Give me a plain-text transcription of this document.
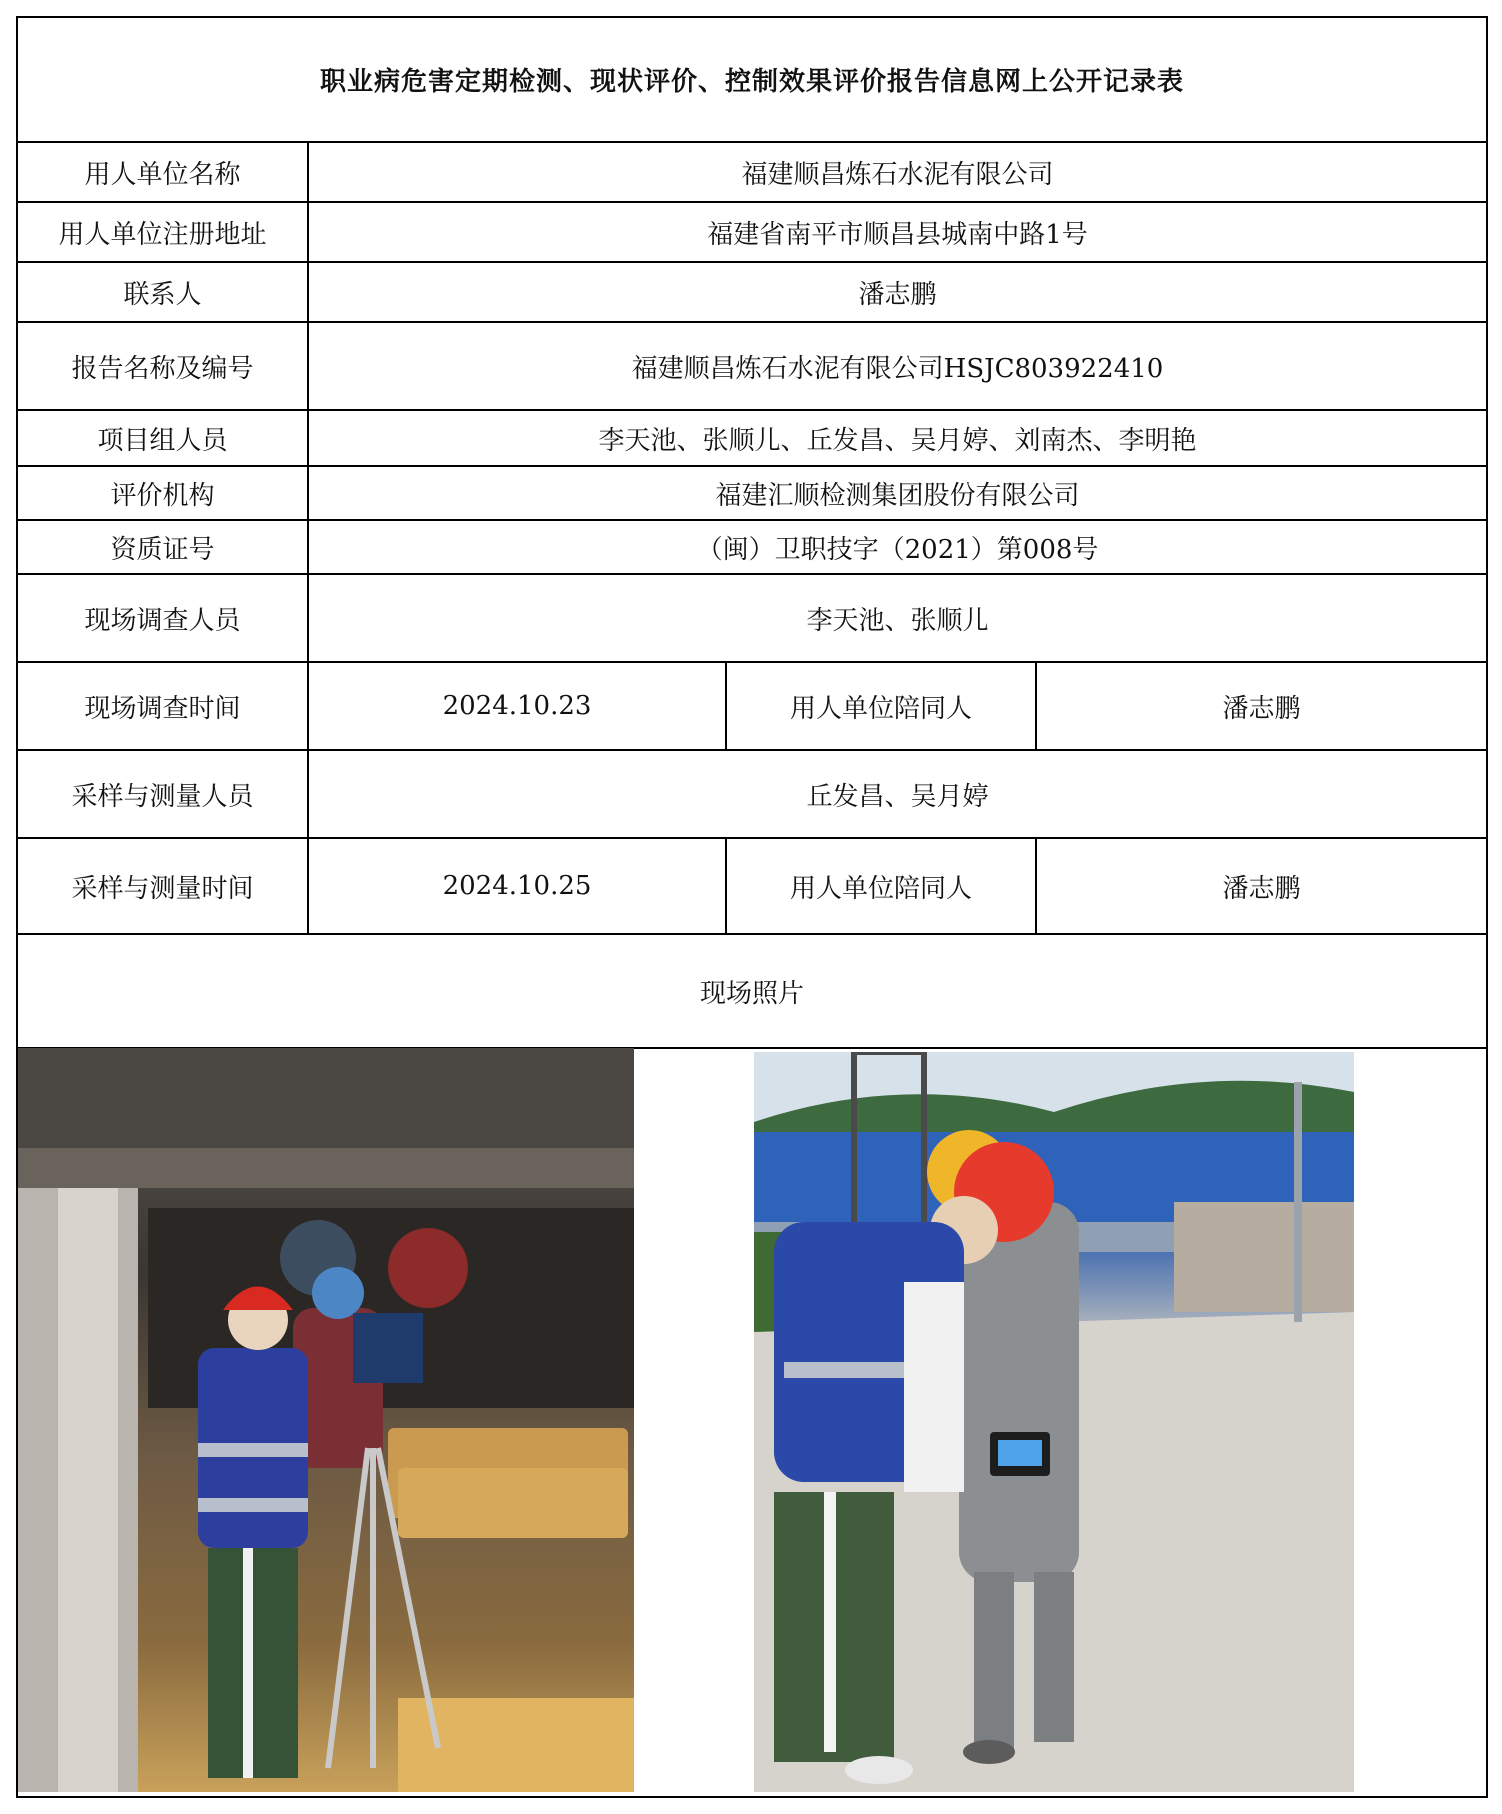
职业病危害定期检测、现状评价、控制效果评价报告信息网上公开记录表			
用人单位名称	福建顺昌炼石水泥有限公司		
用人单位注册地址	福建省南平市顺昌县城南中路1号		
联系人	潘志鹏		
报告名称及编号	福建顺昌炼石水泥有限公司HSJC803922410		
项目组人员	李天池、张顺儿、丘发昌、吴月婷、刘南杰、李明艳		
评价机构	福建汇顺检测集团股份有限公司		
资质证号	（闽）卫职技字（2021）第008号		
现场调查人员	李天池、张顺儿		
现场调查时间	2024.10.23	用人单位陪同人	潘志鹏
采样与测量人员	丘发昌、吴月婷		
采样与测量时间	2024.10.25	用人单位陪同人	潘志鹏
现场照片			
